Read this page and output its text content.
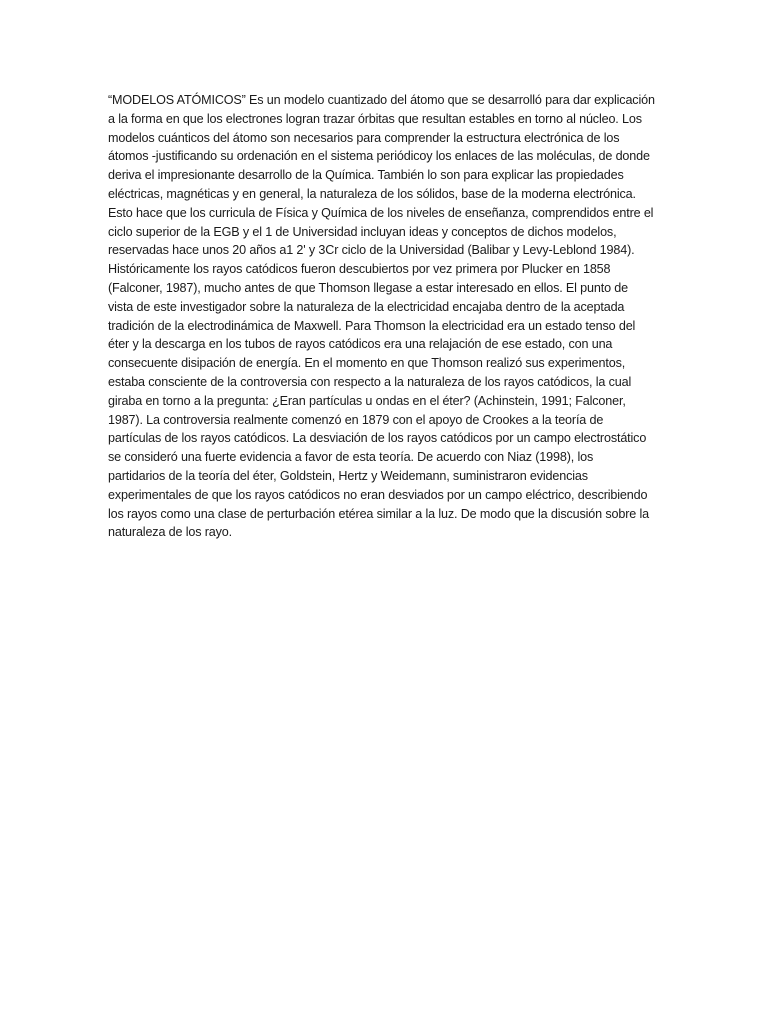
“MODELOS ATÓMICOS” Es un modelo cuantizado del átomo que se desarrolló para dar explicación
a la forma en que los electrones logran trazar órbitas que resultan estables en torno al núcleo. Los
modelos cuánticos del átomo son necesarios para comprender la estructura electrónica de los
átomos -justificando su ordenación en el sistema periódicoy los enlaces de las moléculas, de donde
deriva el impresionante desarrollo de la Química. También lo son para explicar las propiedades
eléctricas, magnéticas y en general, la naturaleza de los sólidos, base de la moderna electrónica.
Esto hace que los curricula de Física y Química de los niveles de enseñanza, comprendidos entre el
ciclo superior de la EGB y el 1 de Universidad incluyan ideas y conceptos de dichos modelos,
reservadas hace unos 20 años a1 2' y 3Cr ciclo de la Universidad (Balibar y Levy-Leblond 1984).
Históricamente los rayos catódicos fueron descubiertos por vez primera por Plucker en 1858
(Falconer, 1987), mucho antes de que Thomson llegase a estar interesado en ellos. El punto de
vista de este investigador sobre la naturaleza de la electricidad encajaba dentro de la aceptada
tradición de la electrodinámica de Maxwell. Para Thomson la electricidad era un estado tenso del
éter y la descarga en los tubos de rayos catódicos era una relajación de ese estado, con una
consecuente disipación de energía. En el momento en que Thomson realizó sus experimentos,
estaba consciente de la controversia con respecto a la naturaleza de los rayos catódicos, la cual
giraba en torno a la pregunta: ¿Eran partículas u ondas en el éter? (Achinstein, 1991; Falconer,
1987). La controversia realmente comenzó en 1879 con el apoyo de Crookes a la teoría de
partículas de los rayos catódicos. La desviación de los rayos catódicos por un campo electrostático
se consideró una fuerte evidencia a favor de esta teoría. De acuerdo con Niaz (1998), los
partidarios de la teoría del éter, Goldstein, Hertz y Weidemann, suministraron evidencias
experimentales de que los rayos catódicos no eran desviados por un campo eléctrico, describiendo
los rayos como una clase de perturbación etérea similar a la luz. De modo que la discusión sobre la
naturaleza de los rayo.
